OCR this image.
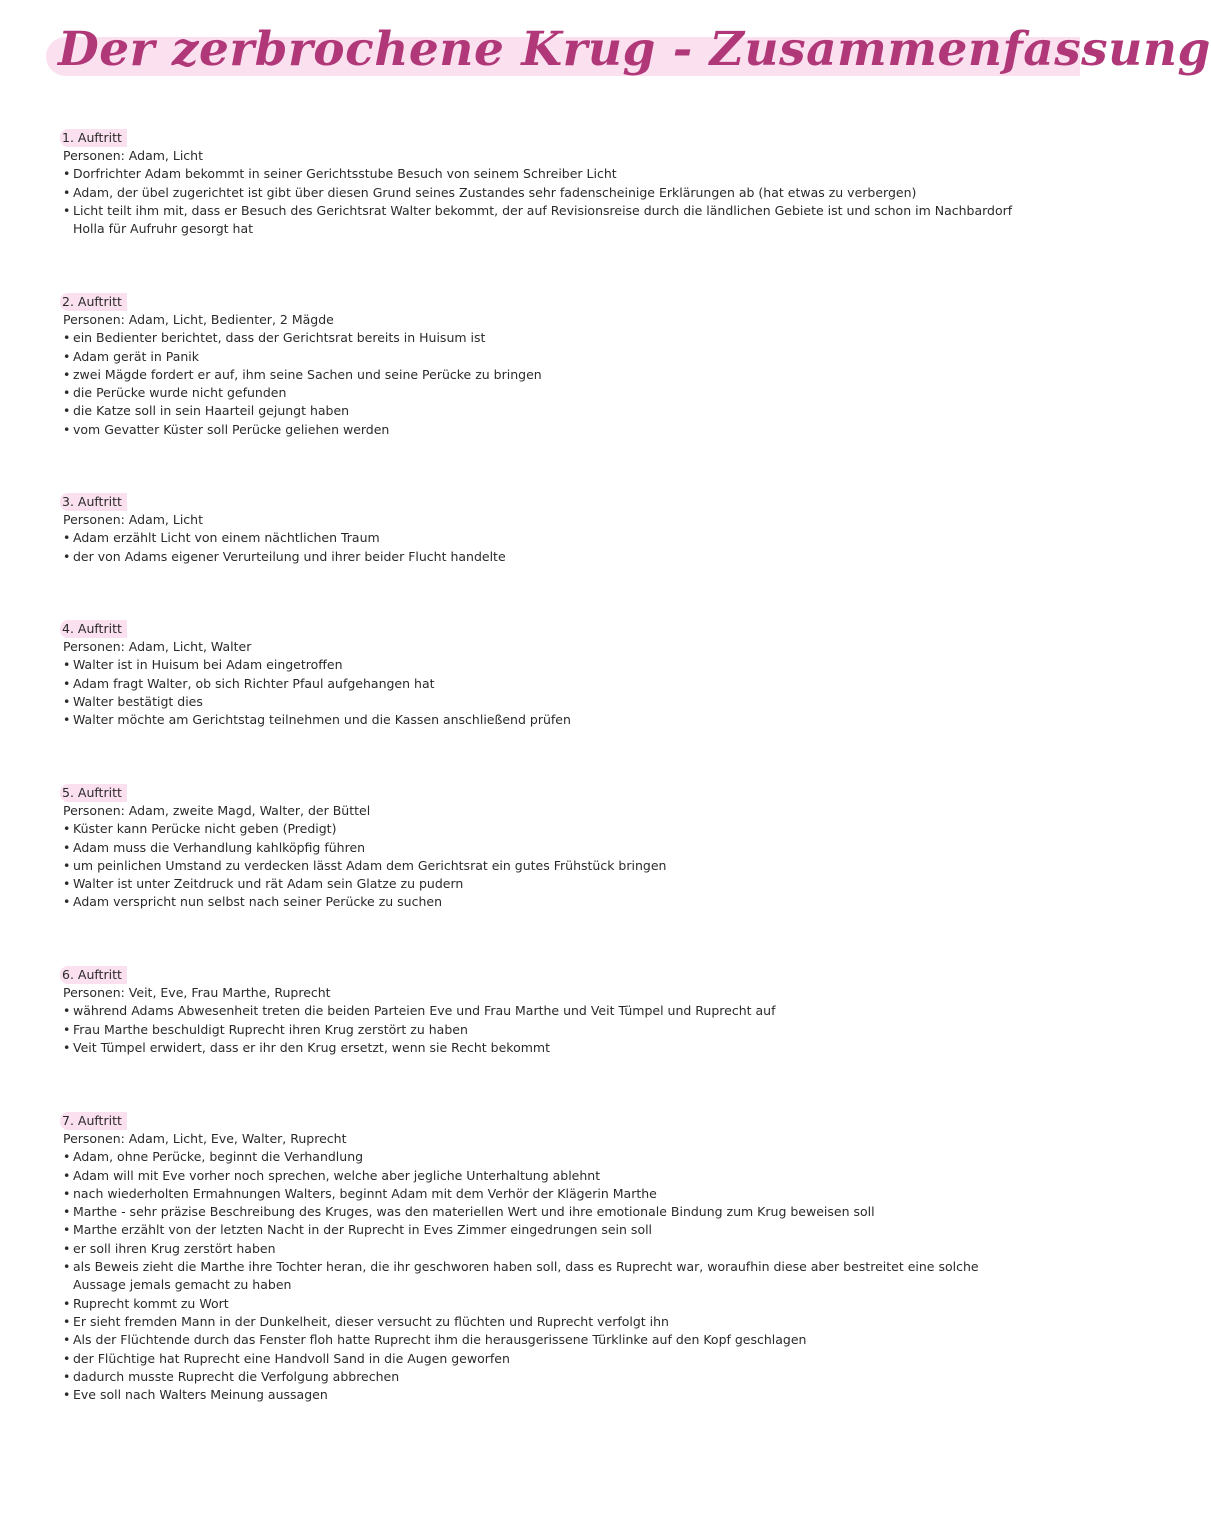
Der zerbrochene Krug - Zusammenfassung
1. Auftritt
Personen: Adam, Licht
• Dorfrichter Adam bekommt in seiner Gerichtsstube Besuch von seinem Schreiber Licht
• Adam, der übel zugerichtet ist gibt über diesen Grund seines Zustandes sehr fadenscheinige Erklärungen ab (hat etwas zu verbergen)
• Licht teilt ihm mit, dass er Besuch des Gerichtsrat Walter bekommt, der auf Revisionsreise durch die ländlichen Gebiete ist und schon im Nachbardorf Holla für Aufruhr gesorgt hat
2. Auftritt
Personen: Adam, Licht, Bedienter, 2 Mägde
• ein Bedienter berichtet, dass der Gerichtsrat bereits in Huisum ist
• Adam gerät in Panik
• zwei Mägde fordert er auf, ihm seine Sachen und seine Perücke zu bringen
• die Perücke wurde nicht gefunden
• die Katze soll in sein Haarteil gejungt haben
• vom Gevatter Küster soll Perücke geliehen werden
3. Auftritt
Personen: Adam, Licht
• Adam erzählt Licht von einem nächtlichen Traum
• der von Adams eigener Verurteilung und ihrer beider Flucht handelte
4. Auftritt
Personen: Adam, Licht, Walter
• Walter ist in Huisum bei Adam eingetroffen
• Adam fragt Walter, ob sich Richter Pfaul aufgehangen hat
• Walter bestätigt dies
• Walter möchte am Gerichtstag teilnehmen und die Kassen anschließend prüfen
5. Auftritt
Personen: Adam, zweite Magd, Walter, der Büttel
• Küster kann Perücke nicht geben (Predigt)
• Adam muss die Verhandlung kahlköpfig führen
• um peinlichen Umstand zu verdecken lässt Adam dem Gerichtsrat ein gutes Frühstück bringen
• Walter ist unter Zeitdruck und rät Adam sein Glatze zu pudern
• Adam verspricht nun selbst nach seiner Perücke zu suchen
6. Auftritt
Personen: Veit, Eve, Frau Marthe, Ruprecht
• während Adams Abwesenheit treten die beiden Parteien Eve und Frau Marthe und Veit Tümpel und Ruprecht auf
• Frau Marthe beschuldigt Ruprecht ihren Krug zerstört zu haben
• Veit Tümpel erwidert, dass er ihr den Krug ersetzt, wenn sie Recht bekommt
7. Auftritt
Personen: Adam, Licht, Eve, Walter, Ruprecht
• Adam, ohne Perücke, beginnt die Verhandlung
• Adam will mit Eve vorher noch sprechen, welche aber jegliche Unterhaltung ablehnt
• nach wiederholten Ermahnungen Walters, beginnt Adam mit dem Verhör der Klägerin Marthe
• Marthe - sehr präzise Beschreibung des Kruges, was den materiellen Wert und ihre emotionale Bindung zum Krug beweisen soll
• Marthe erzählt von der letzten Nacht in der Ruprecht in Eves Zimmer eingedrungen sein soll
• er soll ihren Krug zerstört haben
• als Beweis zieht die Marthe ihre Tochter heran, die ihr geschworen haben soll, dass es Ruprecht war, woraufhin diese aber bestreitet eine solche Aussage jemals gemacht zu haben
• Ruprecht kommt zu Wort
• Er sieht fremden Mann in der Dunkelheit, dieser versucht zu flüchten und Ruprecht verfolgt ihn
• Als der Flüchtende durch das Fenster floh hatte Ruprecht ihm die herausgerissene Türklinke auf den Kopf geschlagen
• der Flüchtige hat Ruprecht eine Handvoll Sand in die Augen geworfen
• dadurch musste Ruprecht die Verfolgung abbrechen
• Eve soll nach Walters Meinung aussagen
